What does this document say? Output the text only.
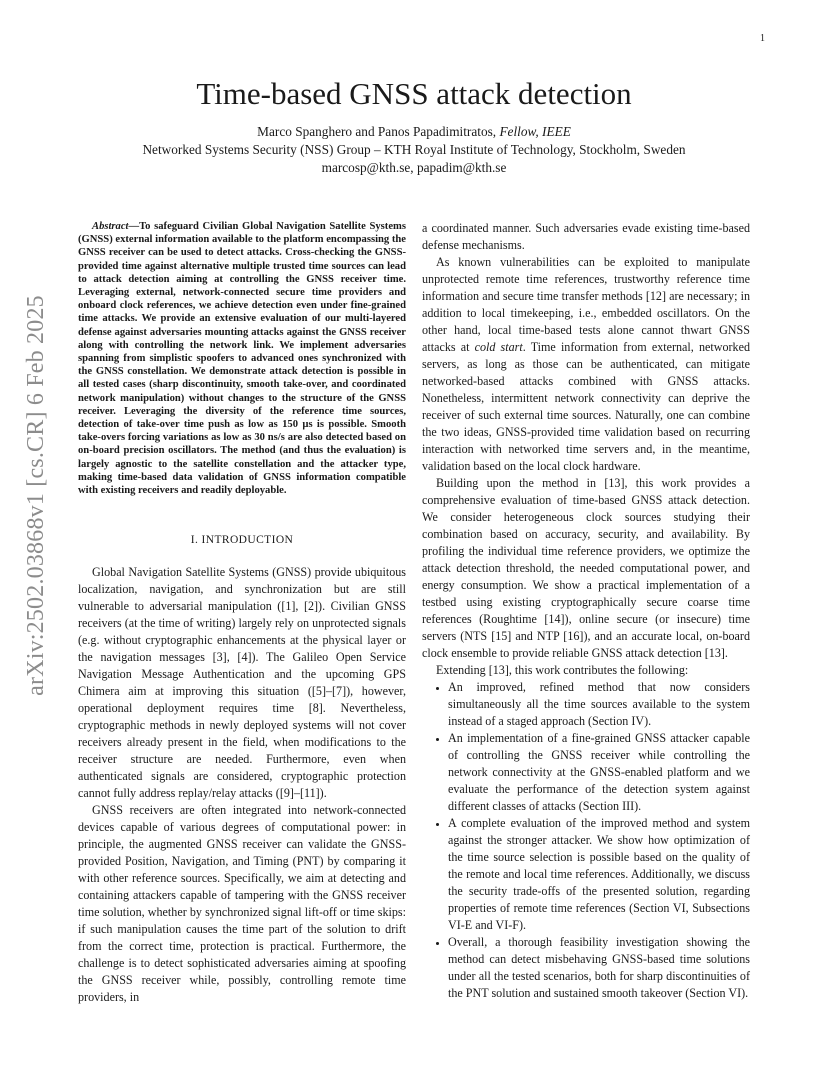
1
arXiv:2502.03868v1 [cs.CR] 6 Feb 2025
Time-based GNSS attack detection
Marco Spanghero and Panos Papadimitratos, Fellow, IEEE
Networked Systems Security (NSS) Group – KTH Royal Institute of Technology, Stockholm, Sweden
marcosp@kth.se, papadim@kth.se

Abstract—To safeguard Civilian Global Navigation Satellite Systems (GNSS) external information available to the platform encompassing the GNSS receiver can be used to detect attacks. Cross-checking the GNSS-provided time against alternative multiple trusted time sources can lead to attack detection aiming at controlling the GNSS receiver time. Leveraging external, network-connected secure time providers and onboard clock references, we achieve detection even under fine-grained time attacks. We provide an extensive evaluation of our multi-layered defense against adversaries mounting attacks against the GNSS receiver along with controlling the network link. We implement adversaries spanning from simplistic spoofers to advanced ones synchronized with the GNSS constellation. We demonstrate attack detection is possible in all tested cases (sharp discontinuity, smooth take-over, and coordinated network manipulation) without changes to the structure of the GNSS receiver. Leveraging the diversity of the reference time sources, detection of take-over time push as low as 150 µs is possible. Smooth take-overs forcing variations as low as 30 ns/s are also detected based on on-board precision oscillators. The method (and thus the evaluation) is largely agnostic to the satellite constellation and the attacker type, making time-based data validation of GNSS information compatible with existing receivers and readily deployable.

I. INTRODUCTION

Global Navigation Satellite Systems (GNSS) provide ubiquitous localization, navigation, and synchronization but are still vulnerable to adversarial manipulation ([1], [2]). Civilian GNSS receivers (at the time of writing) largely rely on unprotected signals (e.g. without cryptographic enhancements at the physical layer or the navigation messages [3], [4]). The Galileo Open Service Navigation Message Authentication and the upcoming GPS Chimera aim at improving this situation ([5]–[7]), however, operational deployment requires time [8]. Nevertheless, cryptographic methods in newly deployed systems will not cover receivers already present in the field, when modifications to the receiver structure are needed. Furthermore, even when authenticated signals are considered, cryptographic protection cannot fully address replay/relay attacks ([9]–[11]).

GNSS receivers are often integrated into network-connected devices capable of various degrees of computational power: in principle, the augmented GNSS receiver can validate the GNSS-provided Position, Navigation, and Timing (PNT) by comparing it with other reference sources. Specifically, we aim at detecting and containing attackers capable of tampering with the GNSS receiver time solution, whether by synchronized signal lift-off or time skips: if such manipulation causes the time part of the solution to drift from the correct time, protection is practical. Furthermore, the challenge is to detect sophisticated adversaries aiming at spoofing the GNSS receiver while, possibly, controlling remote time providers, in

a coordinated manner. Such adversaries evade existing time-based defense mechanisms.

As known vulnerabilities can be exploited to manipulate unprotected remote time references, trustworthy reference time information and secure time transfer methods [12] are necessary; in addition to local timekeeping, i.e., embedded oscillators. On the other hand, local time-based tests alone cannot thwart GNSS attacks at cold start. Time information from external, networked servers, as long as those can be authenticated, can mitigate networked-based attacks combined with GNSS attacks. Nonetheless, intermittent network connectivity can deprive the receiver of such external time sources. Naturally, one can combine the two ideas, GNSS-provided time validation based on recurring interaction with networked time servers and, in the meantime, validation based on the local clock hardware.

Building upon the method in [13], this work provides a comprehensive evaluation of time-based GNSS attack detection. We consider heterogeneous clock sources studying their combination based on accuracy, security, and availability. By profiling the individual time reference providers, we optimize the attack detection threshold, the needed computational power, and energy consumption. We show a practical implementation of a testbed using existing cryptographically secure coarse time references (Roughtime [14]), online secure (or insecure) time servers (NTS [15] and NTP [16]), and an accurate local, on-board clock ensemble to provide reliable GNSS attack detection [13].

Extending [13], this work contributes the following:

• An improved, refined method that now considers simultaneously all the time sources available to the system instead of a staged approach (Section IV).
• An implementation of a fine-grained GNSS attacker capable of controlling the GNSS receiver while controlling the network connectivity at the GNSS-enabled platform and we evaluate the performance of the detection system against different classes of attacks (Section III).
• A complete evaluation of the improved method and system against the stronger attacker. We show how optimization of the time source selection is possible based on the quality of the remote and local time references. Additionally, we discuss the security trade-offs of the presented solution, regarding properties of remote time references (Section VI, Subsections VI-E and VI-F).
• Overall, a thorough feasibility investigation showing the method can detect misbehaving GNSS-based time solutions under all the tested scenarios, both for sharp discontinuities of the PNT solution and sustained smooth takeover (Section VI).
